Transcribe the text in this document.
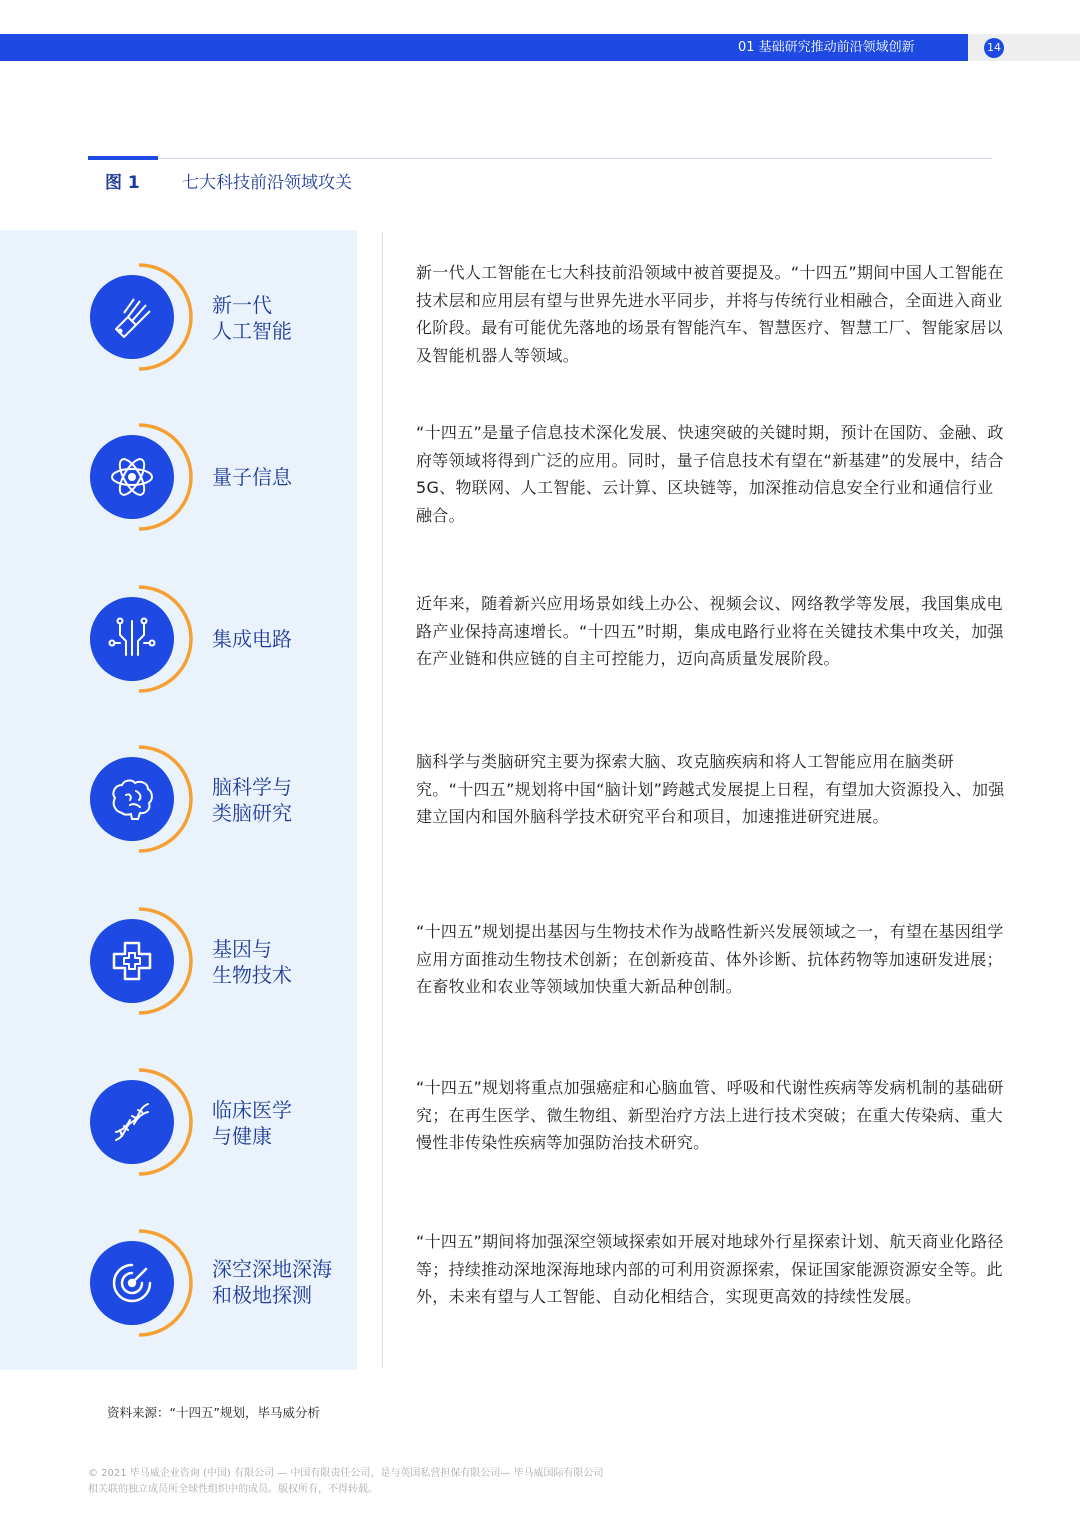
01 基础研究推动前沿领域创新	14
图 1 七大科技前沿领域攻关
新一代
人工智能
新一代人工智能在七大科技前沿领域中被首要提及。“十四五”期间中国人工智能在技术层和应用层有望与世界先进水平同步，并将与传统行业相融合，全面进入商业化阶段。最有可能优先落地的场景有智能汽车、智慧医疗、智慧工厂、智能家居以及智能机器人等领域。
量子信息
“十四五”是量子信息技术深化发展、快速突破的关键时期，预计在国防、金融、政府等领域将得到广泛的应用。同时，量子信息技术有望在“新基建”的发展中，结合5G、物联网、人工智能、云计算、区块链等，加深推动信息安全行业和通信行业融合。
集成电路
近年来，随着新兴应用场景如线上办公、视频会议、网络教学等发展，我国集成电路产业保持高速增长。“十四五”时期，集成电路行业将在关键技术集中攻关，加强在产业链和供应链的自主可控能力，迈向高质量发展阶段。
脑科学与
类脑研究
脑科学与类脑研究主要为探索大脑、攻克脑疾病和将人工智能应用在脑类研究。“十四五”规划将中国“脑计划”跨越式发展提上日程，有望加大资源投入、加强建立国内和国外脑科学技术研究平台和项目，加速推进研究进展。
基因与
生物技术
“十四五”规划提出基因与生物技术作为战略性新兴发展领域之一，有望在基因组学应用方面推动生物技术创新；在创新疫苗、体外诊断、抗体药物等加速研发进展；在畜牧业和农业等领域加快重大新品种创制。
临床医学
与健康
“十四五”规划将重点加强癌症和心脑血管、呼吸和代谢性疾病等发病机制的基础研究；在再生医学、微生物组、新型治疗方法上进行技术突破；在重大传染病、重大慢性非传染性疾病等加强防治技术研究。
深空深地深海
和极地探测
“十四五”期间将加强深空领域探索如开展对地球外行星探索计划、航天商业化路径等；持续推动深地深海地球内部的可利用资源探索，保证国家能源资源安全等。此外，未来有望与人工智能、自动化相结合，实现更高效的持续性发展。
资料来源：“十四五”规划，毕马威分析
© 2021 毕马威企业咨询 (中国) 有限公司 — 中国有限责任公司，是与英国私营担保有限公司— 毕马威国际有限公司
相关联的独立成员所全球性组织中的成员。版权所有，不得转载。
